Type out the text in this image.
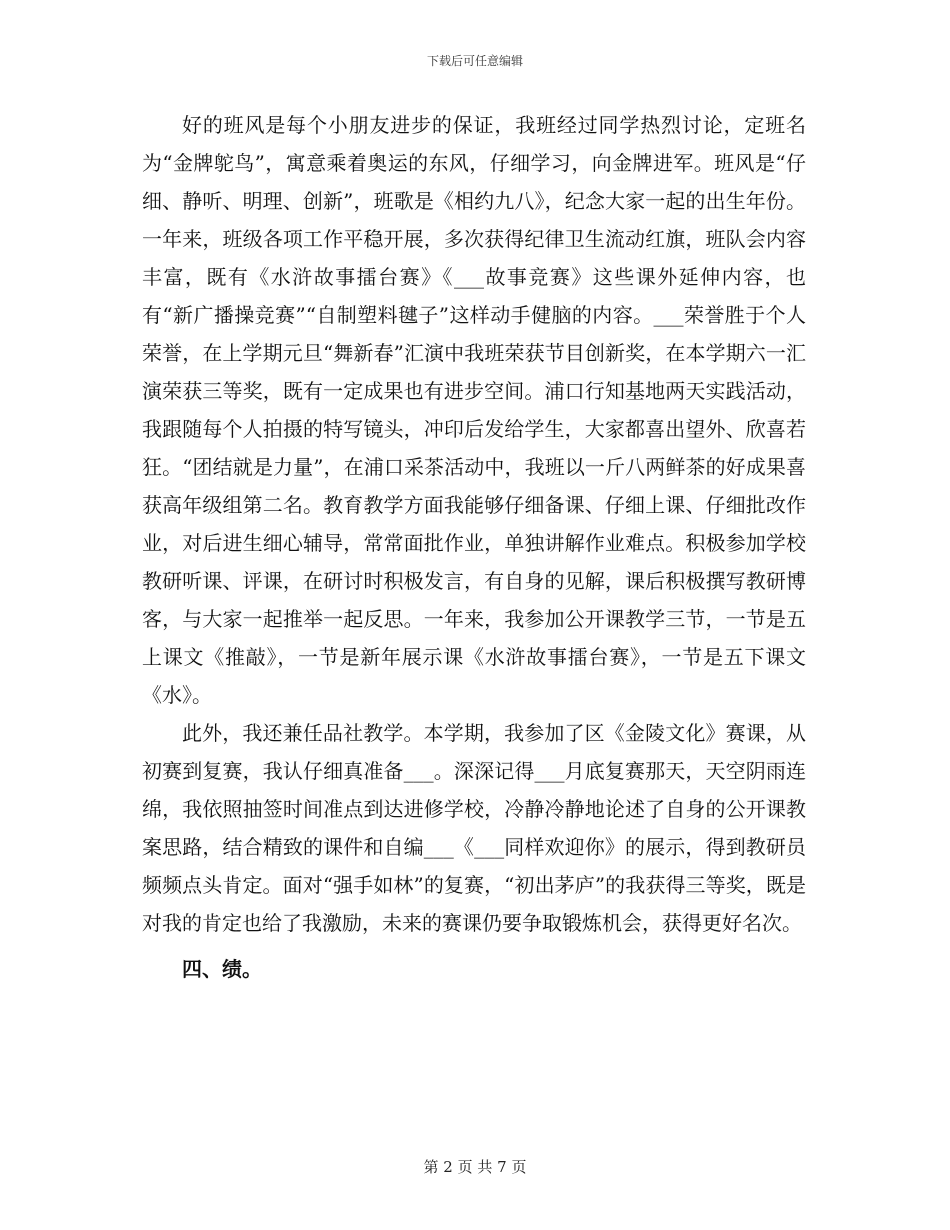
下载后可任意编辑

好的班风是每个小朋友进步的保证，我班经过同学热烈讨论，定班名为“金牌鸵鸟”，寓意乘着奥运的东风，仔细学习，向金牌进军。班风是“仔细、静听、明理、创新”，班歌是《相约九八》，纪念大家一起的出生年份。一年来，班级各项工作平稳开展，多次获得纪律卫生流动红旗，班队会内容丰富，既有《水浒故事擂台赛》《___故事竞赛》这些课外延伸内容，也有“新广播操竞赛”“自制塑料毽子”这样动手健脑的内容。___荣誉胜于个人荣誉，在上学期元旦“舞新春”汇演中我班荣获节目创新奖，在本学期六一汇演荣获三等奖，既有一定成果也有进步空间。浦口行知基地两天实践活动，我跟随每个人拍摄的特写镜头，冲印后发给学生，大家都喜出望外、欣喜若狂。“团结就是力量”，在浦口采茶活动中，我班以一斤八两鲜茶的好成果喜获高年级组第二名。教育教学方面我能够仔细备课、仔细上课、仔细批改作业，对后进生细心辅导，常常面批作业，单独讲解作业难点。积极参加学校教研听课、评课，在研讨时积极发言，有自身的见解，课后积极撰写教研博客，与大家一起推举一起反思。一年来，我参加公开课教学三节，一节是五上课文《推敲》，一节是新年展示课《水浒故事擂台赛》，一节是五下课文《水》。

此外，我还兼任品社教学。本学期，我参加了区《金陵文化》赛课，从初赛到复赛，我认仔细真准备___。深深记得___月底复赛那天，天空阴雨连绵，我依照抽签时间准点到达进修学校，冷静冷静地论述了自身的公开课教案思路，结合精致的课件和自编___《___同样欢迎你》的展示，得到教研员频频点头肯定。面对“强手如林”的复赛，“初出茅庐”的我获得三等奖，既是对我的肯定也给了我激励，未来的赛课仍要争取锻炼机会，获得更好名次。

四、绩。

第 2 页 共 7 页
